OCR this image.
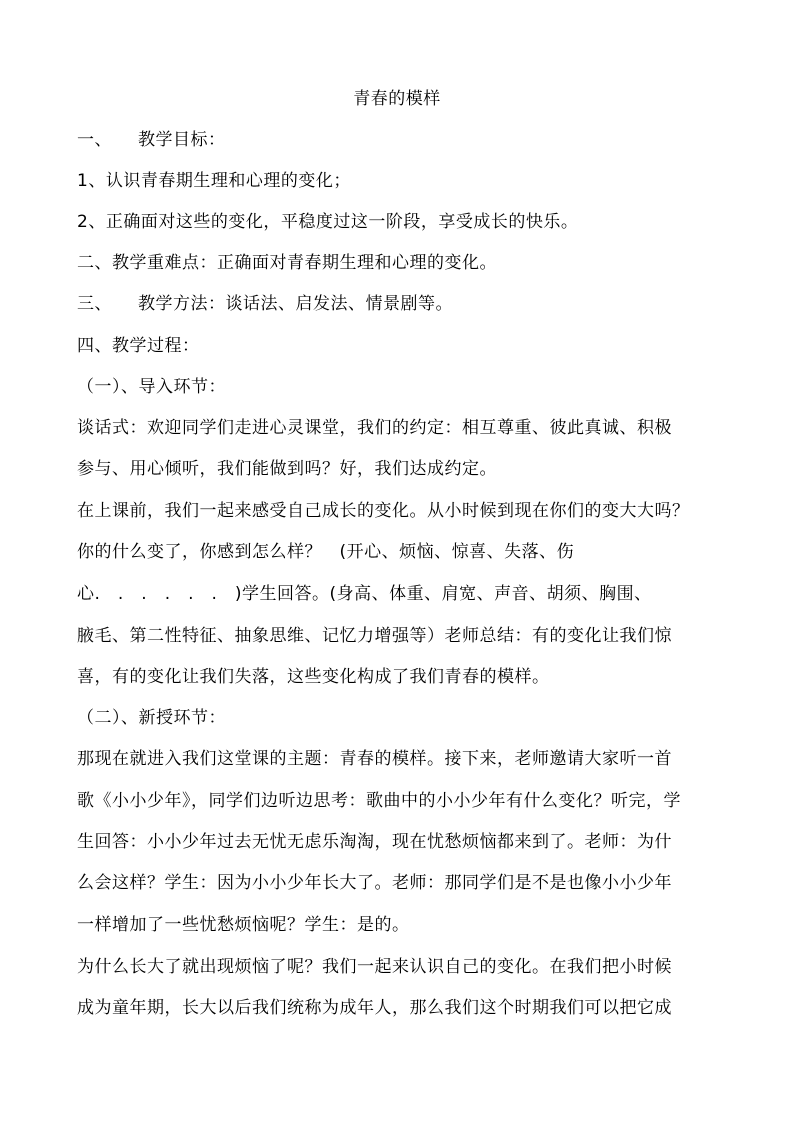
青春的模样
一、 教学目标：
1、认识青春期生理和心理的变化；
2、正确面对这些的变化，平稳度过这一阶段，享受成长的快乐。
二、教学重难点：正确面对青春期生理和心理的变化。
三、 教学方法：谈话法、启发法、情景剧等。
四、教学过程：
（一）、导入环节：
谈话式：欢迎同学们走进心灵课堂，我们的约定：相互尊重、彼此真诚、积极
参与、用心倾听，我们能做到吗？好，我们达成约定。
在上课前，我们一起来感受自己成长的变化。从小时候到现在你们的变大大吗？
你的什么变了，你感到怎么样？　(开心、烦恼、惊喜、失落、伤
心.　.　.　.　.　.　)学生回答。(身高、体重、肩宽、声音、胡须、胸围、
腋毛、第二性特征、抽象思维、记忆力增强等）老师总结：有的变化让我们惊
喜，有的变化让我们失落，这些变化构成了我们青春的模样。
（二）、新授环节：
那现在就进入我们这堂课的主题：青春的模样。接下来，老师邀请大家听一首
歌《小小少年》，同学们边听边思考：歌曲中的小小少年有什么变化？听完，学
生回答：小小少年过去无忧无虑乐淘淘，现在忧愁烦恼都来到了。老师：为什
么会这样？学生：因为小小少年长大了。老师：那同学们是不是也像小小少年
一样增加了一些忧愁烦恼呢？学生：是的。
为什么长大了就出现烦恼了呢？我们一起来认识自己的变化。在我们把小时候
成为童年期，长大以后我们统称为成年人，那么我们这个时期我们可以把它成
